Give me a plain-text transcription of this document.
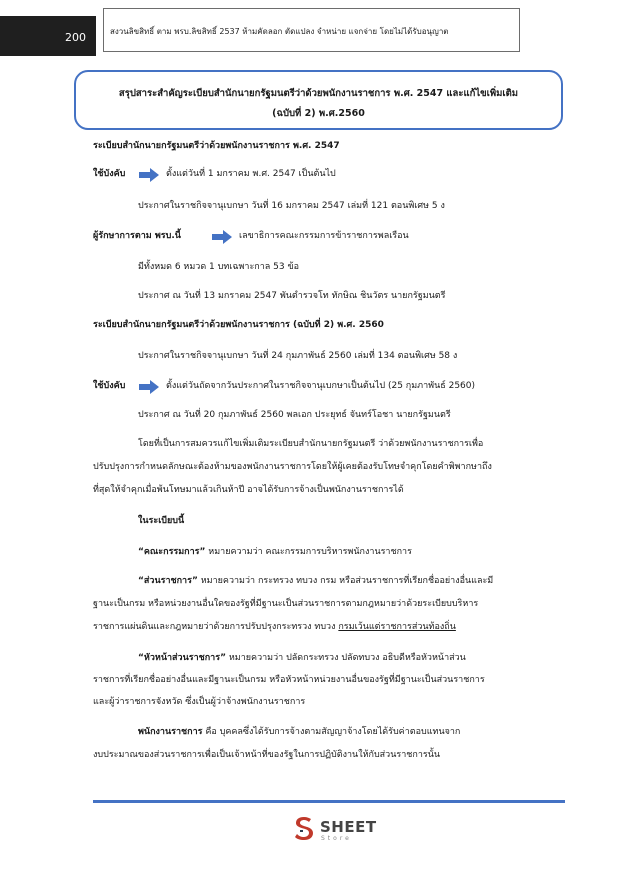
200	สงวนลิขสิทธิ์ ตาม พรบ.ลิขสิทธิ์ 2537 ห้ามคัดลอก ตัดแปลง จำหน่าย แจกจ่าย โดยไม่ได้รับอนุญาต
สรุปสาระสำคัญระเบียบสำนักนายกรัฐมนตรีว่าด้วยพนักงานราชการ พ.ศ. 2547 และแก้ไขเพิ่มเติม
(ฉบับที่ 2) พ.ศ.2560
ระเบียบสำนักนายกรัฐมนตรีว่าด้วยพนักงานราชการ พ.ศ. 2547
ใช้บังคับ	ตั้งแต่วันที่ 1 มกราคม พ.ศ. 2547 เป็นต้นไป
ประกาศในราชกิจจานุเบกษา วันที่ 16 มกราคม 2547 เล่มที่ 121 ตอนพิเศษ 5 ง
ผู้รักษาการตาม พรบ.นี้	เลขาธิการคณะกรรมการข้าราชการพลเรือน
มีทั้งหมด 6 หมวด 1 บทเฉพาะกาล 53 ข้อ
ประกาศ ณ วันที่ 13 มกราคม 2547 พันตำรวจโท ทักษิณ ชินวัตร นายกรัฐมนตรี
ระเบียบสำนักนายกรัฐมนตรีว่าด้วยพนักงานราชการ (ฉบับที่ 2) พ.ศ. 2560
ประกาศในราชกิจจานุเบกษา วันที่ 24 กุมภาพันธ์ 2560 เล่มที่ 134 ตอนพิเศษ 58 ง
ใช้บังคับ	ตั้งแต่วันถัดจากวันประกาศในราชกิจจานุเบกษาเป็นต้นไป (25 กุมภาพันธ์ 2560)
ประกาศ ณ วันที่ 20 กุมภาพันธ์ 2560 พลเอก ประยุทธ์ จันทร์โอชา นายกรัฐมนตรี
โดยที่เป็นการสมควรแก้ไขเพิ่มเติมระเบียบสำนักนายกรัฐมนตรี ว่าด้วยพนักงานราชการเพื่อ
ปรับปรุงการกำหนดลักษณะต้องห้ามของพนักงานราชการโดยให้ผู้เคยต้องรับโทษจำคุกโดยคำพิพากษาถึง
ที่สุดให้จำคุกเมื่อพ้นโทษมาแล้วเกินห้าปี อาจได้รับการจ้างเป็นพนักงานราชการได้
ในระเบียบนี้
“คณะกรรมการ” หมายความว่า คณะกรรมการบริหารพนักงานราชการ
“ส่วนราชการ” หมายความว่า กระทรวง ทบวง กรม หรือส่วนราชการที่เรียกชื่ออย่างอื่นและมี
ฐานะเป็นกรม หรือหน่วยงานอื่นใดของรัฐที่มีฐานะเป็นส่วนราชการตามกฎหมายว่าด้วยระเบียบบริหาร
ราชการแผ่นดินและกฎหมายว่าด้วยการปรับปรุงกระทรวง ทบวง กรมเว้นแต่ราชการส่วนท้องถิ่น
“หัวหน้าส่วนราชการ” หมายความว่า ปลัดกระทรวง ปลัดทบวง อธิบดีหรือหัวหน้าส่วน
ราชการที่เรียกชื่ออย่างอื่นและมีฐานะเป็นกรม หรือหัวหน้าหน่วยงานอื่นของรัฐที่มีฐานะเป็นส่วนราชการ
และผู้ว่าราชการจังหวัด ซึ่งเป็นผู้ว่าจ้างพนักงานราชการ
พนักงานราชการ คือ บุคคลซึ่งได้รับการจ้างตามสัญญาจ้างโดยได้รับค่าตอบแทนจาก
งบประมาณของส่วนราชการเพื่อเป็นเจ้าหน้าที่ของรัฐในการปฏิบัติงานให้กับส่วนราชการนั้น
SHEET
Store
